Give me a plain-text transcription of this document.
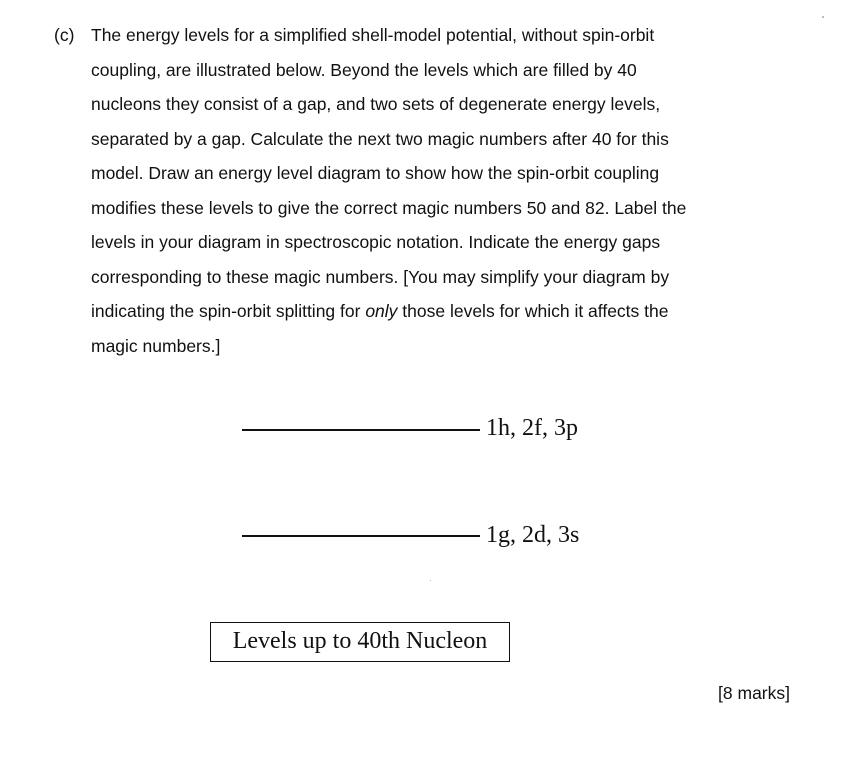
(c) The energy levels for a simplified shell-model potential, without spin-orbit
coupling, are illustrated below. Beyond the levels which are filled by 40
nucleons they consist of a gap, and two sets of degenerate energy levels,
separated by a gap. Calculate the next two magic numbers after 40 for this
model. Draw an energy level diagram to show how the spin-orbit coupling
modifies these levels to give the correct magic numbers 50 and 82. Label the
levels in your diagram in spectroscopic notation. Indicate the energy gaps
corresponding to these magic numbers. [You may simplify your diagram by
indicating the spin-orbit splitting for only those levels for which it affects the
magic numbers.]
1h, 2f, 3p
1g, 2d, 3s
Levels up to 40th Nucleon
[8 marks]
